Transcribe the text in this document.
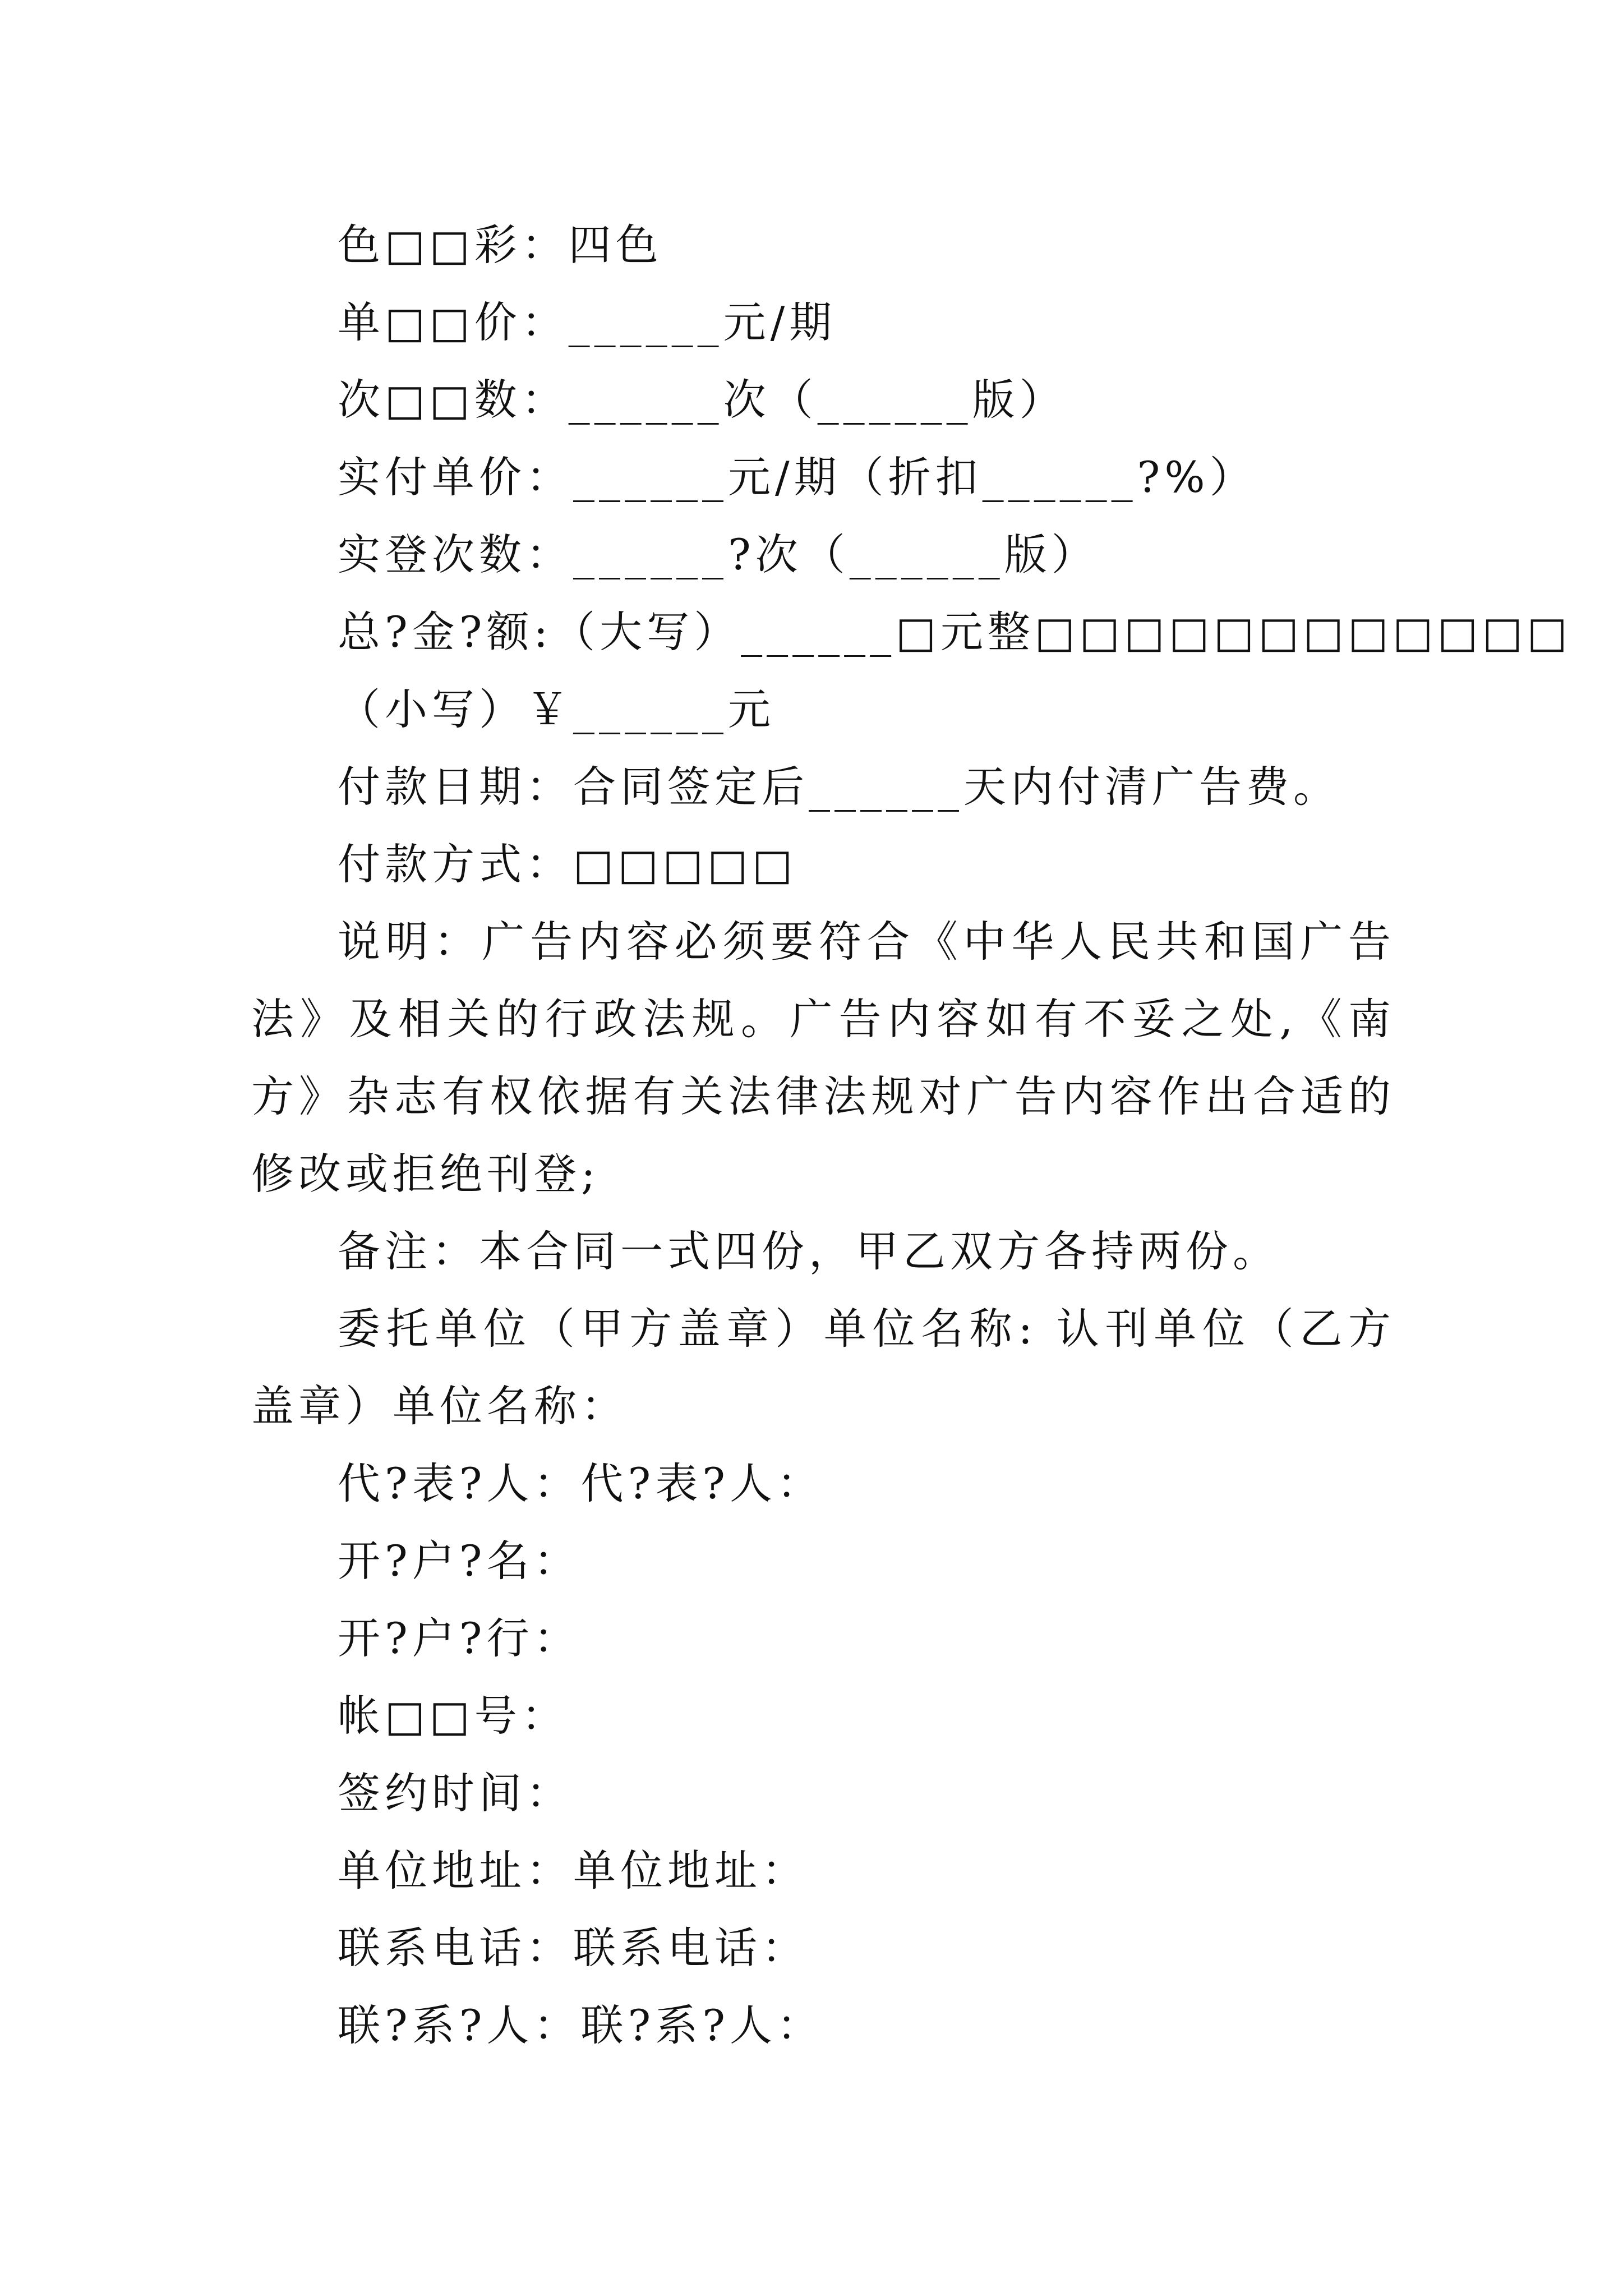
色□□彩：四色
单□□价：______元/期
次□□数：______次（______版）
实付单价：______元/期（折扣______?%）
实登次数：______?次（______版）
总?金?额:（大写）______□元整□□□□□□□□□□□□
（小写）￥______元
付款日期：合同签定后______天内付清广告费。
付款方式：□□□□□

说明：广告内容必须要符合《中华人民共和国广告法》及相关的行政法规。广告内容如有不妥之处,《南方》杂志有权依据有关法律法规对广告内容作出合适的修改或拒绝刊登;

备注：本合同一式四份，甲乙双方各持两份。

委托单位（甲方盖章）单位名称: 认刊单位（乙方盖章）单位名称：

代?表?人：代?表?人：
开?户?名：
开?户?行：
帐□□号：
签约时间：
单位地址：单位地址：
联系电话：联系电话：
联?系?人：联?系?人：
